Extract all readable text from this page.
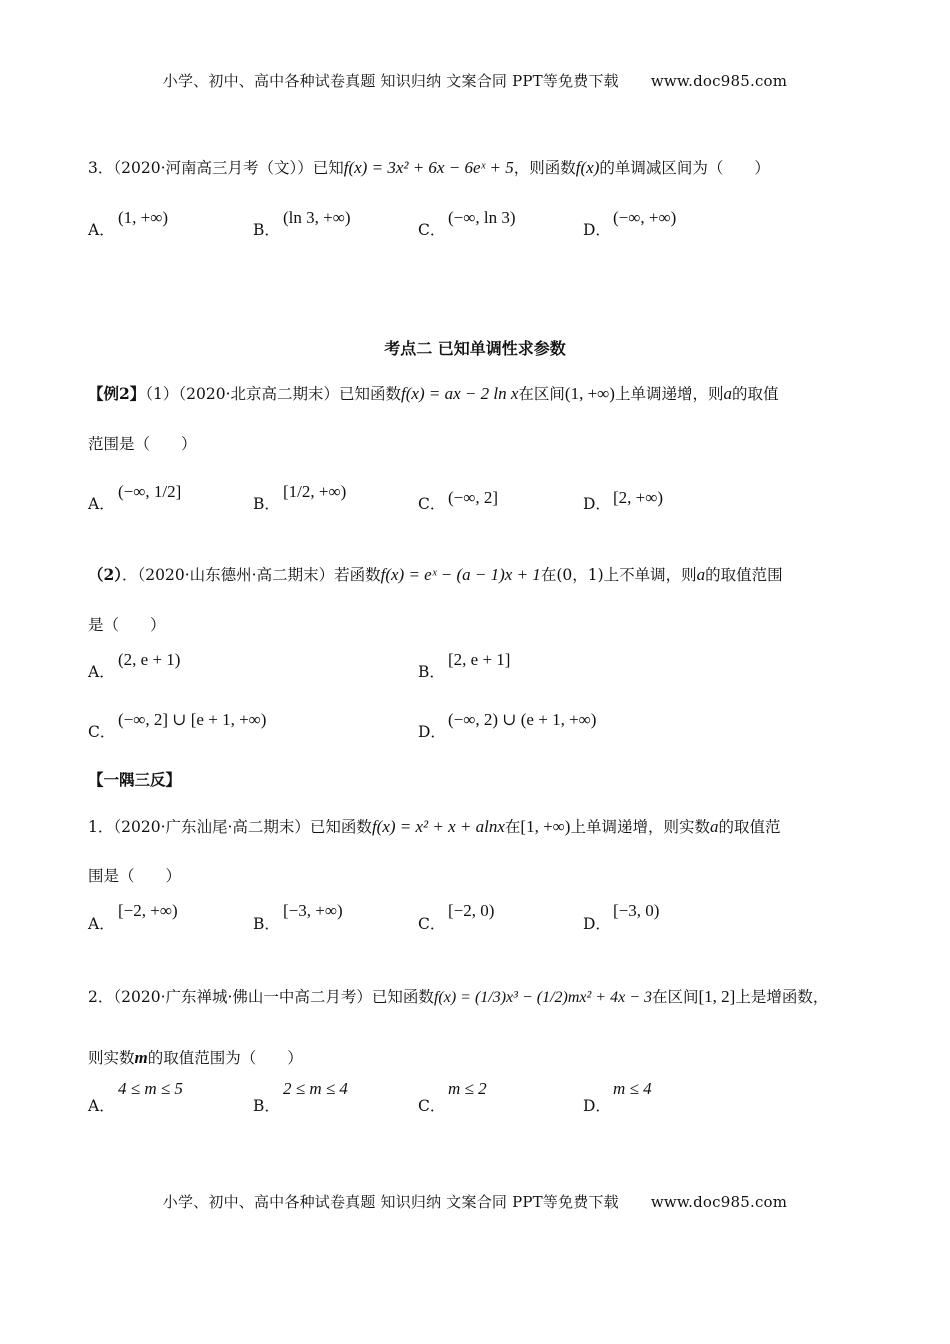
小学、初中、高中各种试卷真题 知识归纳 文案合同 PPT等免费下载 www.doc985.com
3．（2020·河南高三月考（文））已知f(x) = 3x² + 6x − 6eˣ + 5，则函数f(x)的单调减区间为（　　）
A．
(1, +∞)
B．
(ln 3, +∞)
C．
(−∞, ln 3)
D．
(−∞, +∞)
考点二 已知单调性求参数
【例2】（1）（2020·北京高二期末）已知函数f(x) = ax − 2 ln x在区间(1, +∞)上单调递增，则a的取值
范围是（　　）
A．
(−∞, 1/2]
B．
[1/2, +∞)
C． (−∞, 2]	D． [2, +∞)
（2）．（2020·山东德州·高二期末）若函数f(x) = eˣ − (a − 1)x + 1在(0，1)上不单调，则a的取值范围
是（　　）
A．
(2, e + 1)
B．
[2, e + 1]
C．
(−∞, 2] ∪ [e + 1, +∞)
D．
(−∞, 2) ∪ (e + 1, +∞)
【一隅三反】
1．（2020·广东汕尾·高二期末）已知函数f(x) = x² + x + alnx在[1, +∞)上单调递增，则实数a的取值范
围是（　　）
A．
[−2, +∞)
B．
[−3, +∞)
C．
[−2, 0)
D．
[−3, 0)
2．（2020·广东禅城·佛山一中高二月考）已知函数f(x) = (1/3)x³ − (1/2)mx² + 4x − 3在区间[1, 2]上是增函数，
则实数m的取值范围为（　　）
A．
4 ≤ m ≤ 5
B．
2 ≤ m ≤ 4
C．
m ≤ 2
D．
m ≤ 4
小学、初中、高中各种试卷真题 知识归纳 文案合同 PPT等免费下载 www.doc985.com
